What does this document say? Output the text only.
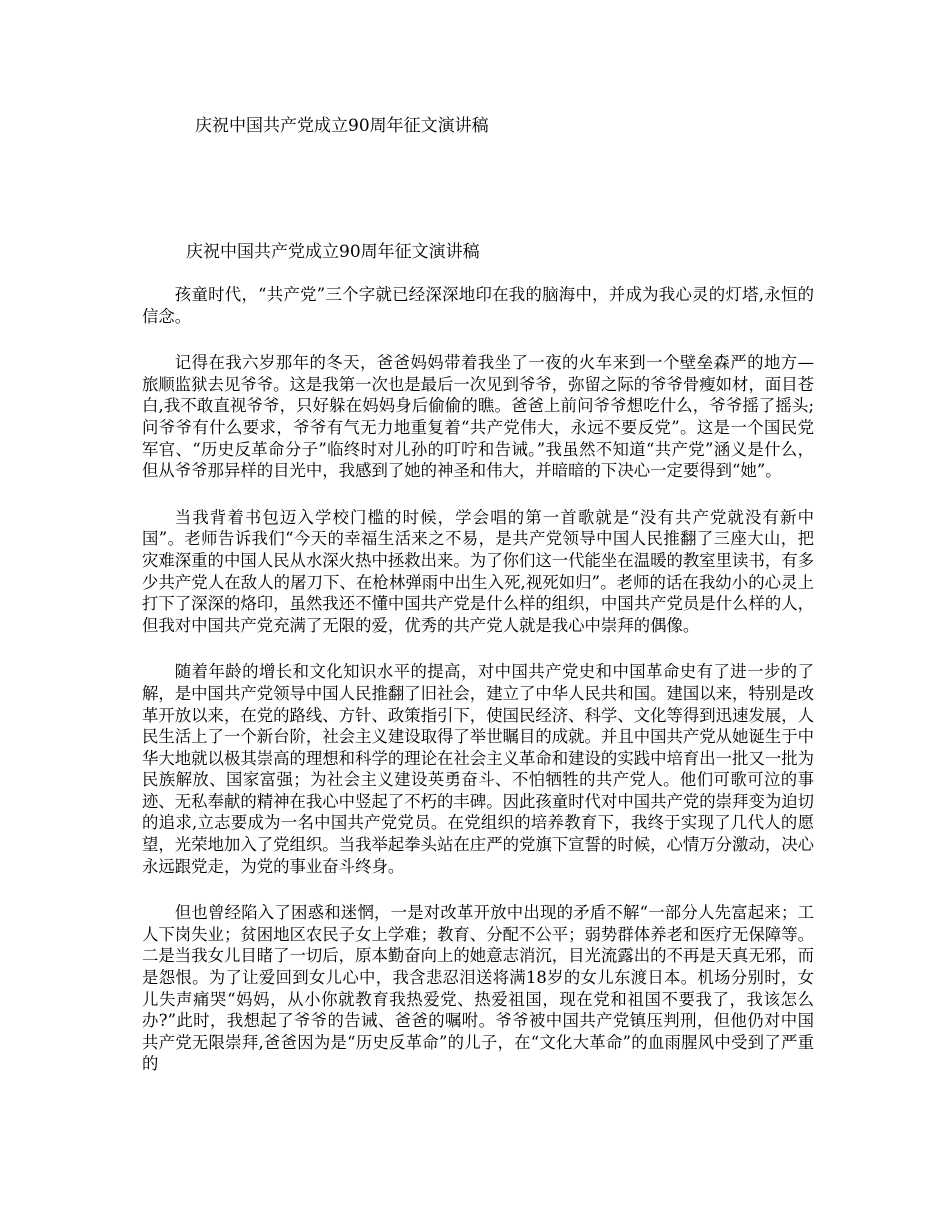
庆祝中国共产党成立90周年征文演讲稿
庆祝中国共产党成立90周年征文演讲稿

孩童时代，“共产党”三个字就已经深深地印在我的脑海中，并成为我心灵的灯塔,永恒的信念。

记得在我六岁那年的冬天，爸爸妈妈带着我坐了一夜的火车来到一个壁垒森严的地方—旅顺监狱去见爷爷。这是我第一次也是最后一次见到爷爷，弥留之际的爷爷骨瘦如材，面目苍白,我不敢直视爷爷，只好躲在妈妈身后偷偷的瞧。爸爸上前问爷爷想吃什么，爷爷摇了摇头;问爷爷有什么要求，爷爷有气无力地重复着“共产党伟大，永远不要反党”。这是一个国民党军官、“历史反革命分子”临终时对儿孙的叮咛和告诫。”我虽然不知道“共产党”涵义是什么，但从爷爷那异样的目光中，我感到了她的神圣和伟大，并暗暗的下决心一定要得到“她”。

当我背着书包迈入学校门槛的时候，学会唱的第一首歌就是“没有共产党就没有新中国”。老师告诉我们“今天的幸福生活来之不易，是共产党领导中国人民推翻了三座大山，把灾难深重的中国人民从水深火热中拯救出来。为了你们这一代能坐在温暖的教室里读书，有多少共产党人在敌人的屠刀下、在枪林弹雨中出生入死,视死如归”。老师的话在我幼小的心灵上打下了深深的烙印，虽然我还不懂中国共产党是什么样的组织，中国共产党员是什么样的人，但我对中国共产党充满了无限的爱，优秀的共产党人就是我心中崇拜的偶像。

随着年龄的增长和文化知识水平的提高，对中国共产党史和中国革命史有了进一步的了解，是中国共产党领导中国人民推翻了旧社会，建立了中华人民共和国。建国以来，特别是改革开放以来，在党的路线、方针、政策指引下，使国民经济、科学、文化等得到迅速发展，人民生活上了一个新台阶，社会主义建设取得了举世瞩目的成就。并且中国共产党从她诞生于中华大地就以极其崇高的理想和科学的理论在社会主义革命和建设的实践中培育出一批又一批为民族解放、国家富强；为社会主义建设英勇奋斗、不怕牺牲的共产党人。他们可歌可泣的事迹、无私奉献的精神在我心中竖起了不朽的丰碑。因此孩童时代对中国共产党的崇拜变为迫切的追求,立志要成为一名中国共产党党员。在党组织的培养教育下，我终于实现了几代人的愿望，光荣地加入了党组织。当我举起拳头站在庄严的党旗下宣誓的时候，心情万分激动，决心永远跟党走，为党的事业奋斗终身。

但也曾经陷入了困惑和迷惘，一是对改革开放中出现的矛盾不解“一部分人先富起来；工人下岗失业；贫困地区农民子女上学难；教育、分配不公平；弱势群体养老和医疗无保障等。二是当我女儿目睹了一切后，原本勤奋向上的她意志消沉，目光流露出的不再是天真无邪，而是怨恨。为了让爱回到女儿心中，我含悲忍泪送将满18岁的女儿东渡日本。机场分别时，女儿失声痛哭“妈妈，从小你就教育我热爱党、热爱祖国，现在党和祖国不要我了，我该怎么办?”此时，我想起了爷爷的告诫、爸爸的嘱咐。爷爷被中国共产党镇压判刑，但他仍对中国共产党无限崇拜,爸爸因为是“历史反革命”的儿子，在“文化大革命”的血雨腥风中受到了严重的
